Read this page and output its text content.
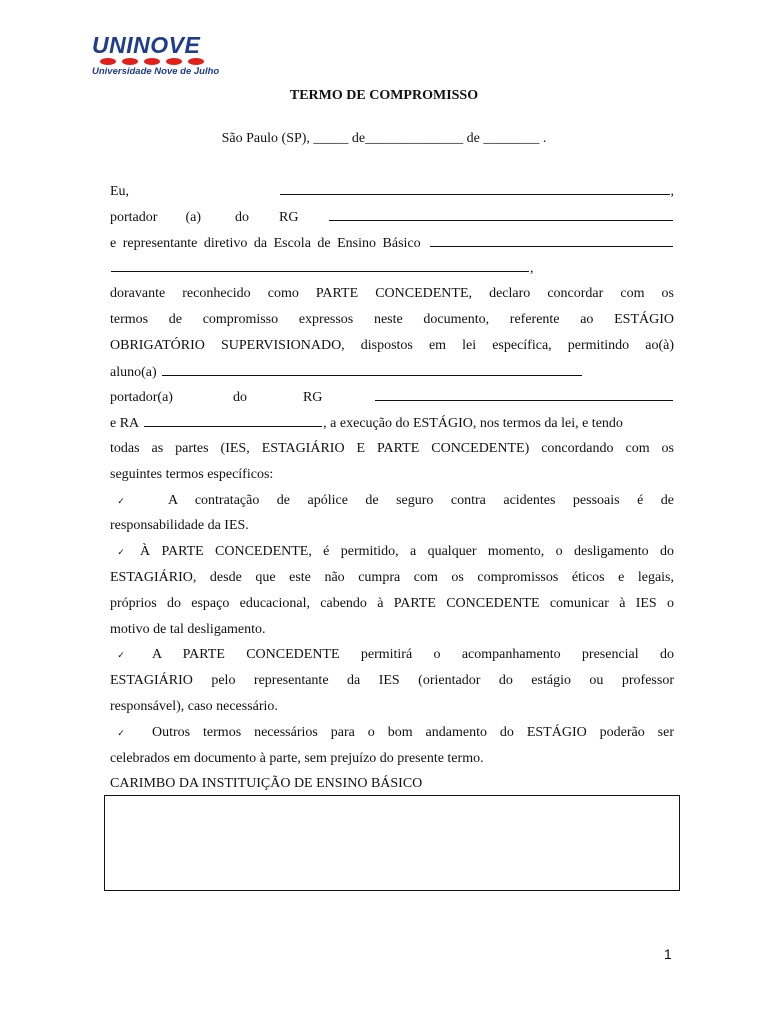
UNINOVE
Universidade Nove de Julho
TERMO DE COMPROMISSO
São Paulo (SP), _____ de______________ de ________ .
Eu,	,
portador (a) do RG
e representante diretivo da Escola de Ensino Básico
,
doravante reconhecido como PARTE CONCEDENTE, declaro concordar com os
termos de compromisso expressos neste documento, referente ao ESTÁGIO
OBRIGATÓRIO SUPERVISIONADO, dispostos em lei específica, permitindo ao(à)
aluno(a)
portador(a)	do	RG
e RA	, a execução do ESTÁGIO, nos termos da lei, e tendo
todas as partes (IES, ESTAGIÁRIO E PARTE CONCEDENTE) concordando com os
seguintes termos específicos:
✓	A contratação de apólice de seguro contra acidentes pessoais é de
responsabilidade da IES.
✓ À PARTE CONCEDENTE, é permitido, a qualquer momento, o desligamento do
ESTAGIÁRIO, desde que este não cumpra com os compromissos éticos e legais,
próprios do espaço educacional, cabendo à PARTE CONCEDENTE comunicar à IES o
motivo de tal desligamento.
✓ A PARTE CONCEDENTE permitirá o acompanhamento presencial do
ESTAGIÁRIO pelo representante da IES (orientador do estágio ou professor
responsável), caso necessário.
✓ Outros termos necessários para o bom andamento do ESTÁGIO poderão ser
celebrados em documento à parte, sem prejuízo do presente termo.
CARIMBO DA INSTITUIÇÃO DE ENSINO BÁSICO
1
